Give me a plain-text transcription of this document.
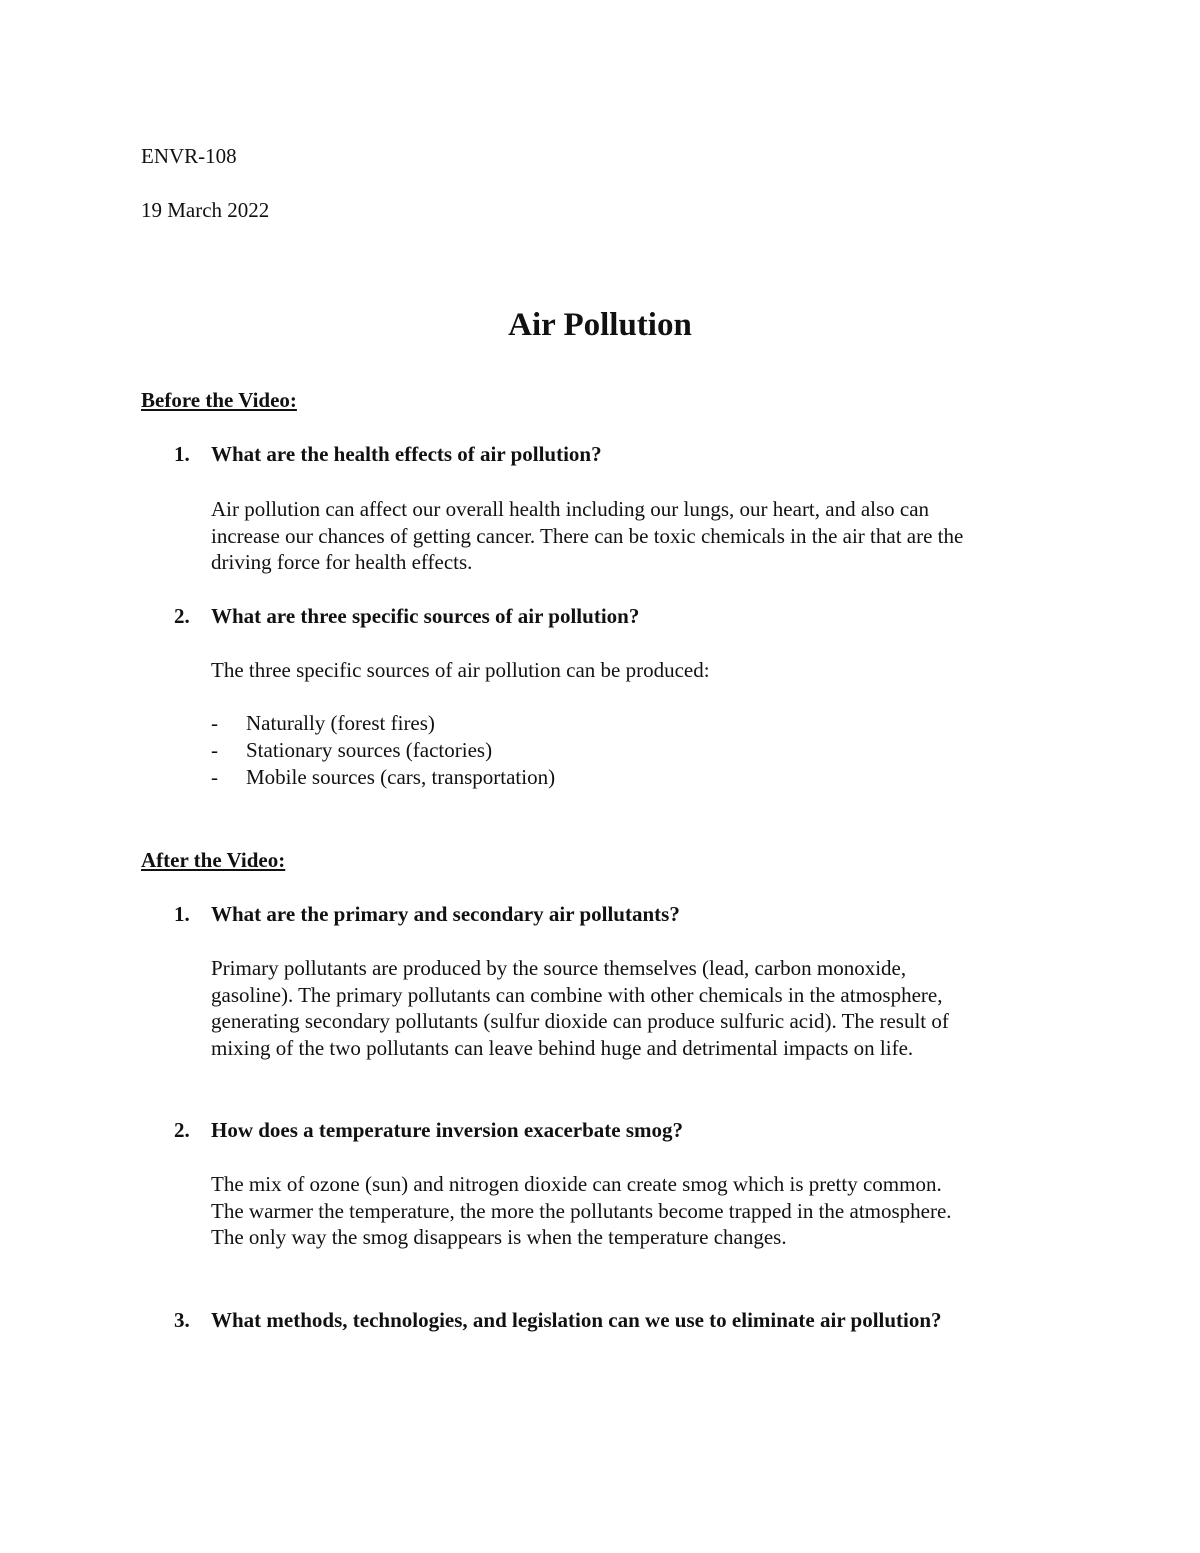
ENVR-108
19 March 2022
Air Pollution
Before the Video:
1. What are the health effects of air pollution?
Air pollution can affect our overall health including our lungs, our heart, and also can
increase our chances of getting cancer. There can be toxic chemicals in the air that are the
driving force for health effects.
2. What are three specific sources of air pollution?
The three specific sources of air pollution can be produced:
- Naturally (forest fires)
- Stationary sources (factories)
- Mobile sources (cars, transportation)
After the Video:
1. What are the primary and secondary air pollutants?
Primary pollutants are produced by the source themselves (lead, carbon monoxide,
gasoline). The primary pollutants can combine with other chemicals in the atmosphere,
generating secondary pollutants (sulfur dioxide can produce sulfuric acid). The result of
mixing of the two pollutants can leave behind huge and detrimental impacts on life.
2. How does a temperature inversion exacerbate smog?
The mix of ozone (sun) and nitrogen dioxide can create smog which is pretty common.
The warmer the temperature, the more the pollutants become trapped in the atmosphere.
The only way the smog disappears is when the temperature changes.
3. What methods, technologies, and legislation can we use to eliminate air pollution?
